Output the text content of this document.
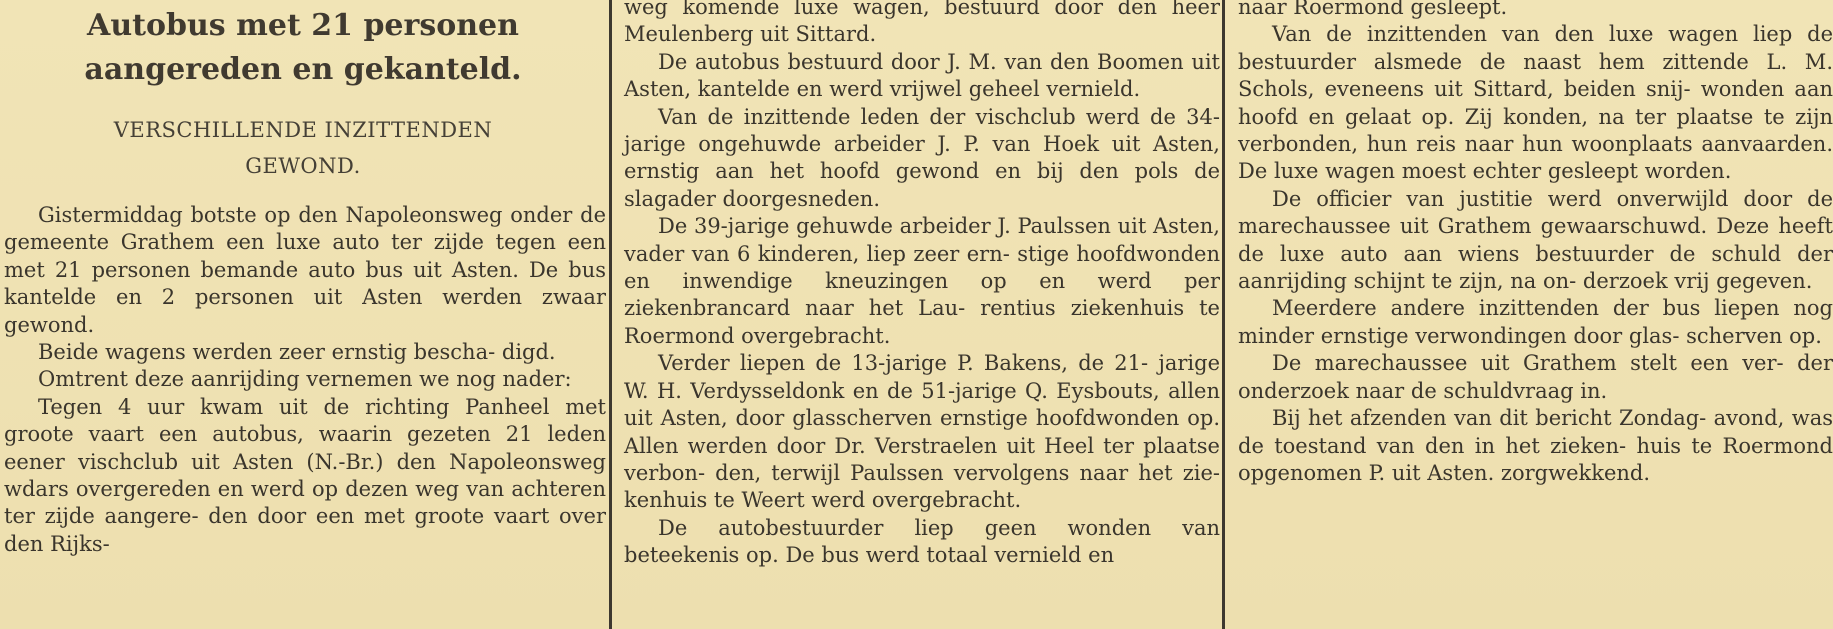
Autobus met 21 personen
aangereden en gekanteld.
VERSCHILLENDE INZITTENDEN
GEWOND.

Gistermiddag botste op den Napoleonsweg onder de gemeente Grathem een luxe auto ter zijde tegen een met 21 personen bemande auto bus uit Asten. De bus kantelde en 2 personen uit Asten werden zwaar gewond.

Beide wagens werden zeer ernstig bescha- digd.

Omtrent deze aanrijding vernemen we nog nader:

Tegen 4 uur kwam uit de richting Panheel met groote vaart een autobus, waarin gezeten 21 leden eener vischclub uit Asten (N.-Br.) den Napoleonsweg wdars overgereden en werd op dezen weg van achteren ter zijde aangere- den door een met groote vaart over den Rijks-

weg komende luxe wagen, bestuurd door den heer Meulenberg uit Sittard.

De autobus bestuurd door J. M. van den Boomen uit Asten, kantelde en werd vrijwel geheel vernield.

Van de inzittende leden der vischclub werd de 34-jarige ongehuwde arbeider J. P. van Hoek uit Asten, ernstig aan het hoofd gewond en bij den pols de slagader doorgesneden.

De 39-jarige gehuwde arbeider J. Paulssen uit Asten, vader van 6 kinderen, liep zeer ern- stige hoofdwonden en inwendige kneuzingen op en werd per ziekenbrancard naar het Lau- rentius ziekenhuis te Roermond overgebracht.

Verder liepen de 13-jarige P. Bakens, de 21- jarige W. H. Verdysseldonk en de 51-jarige Q. Eysbouts, allen uit Asten, door glasscherven ernstige hoofdwonden op. Allen werden door Dr. Verstraelen uit Heel ter plaatse verbon- den, terwijl Paulssen vervolgens naar het zie- kenhuis te Weert werd overgebracht.

De autobestuurder liep geen wonden van beteekenis op. De bus werd totaal vernield en

naar Roermond gesleept.

Van de inzittenden van den luxe wagen liep de bestuurder alsmede de naast hem zittende L. M. Schols, eveneens uit Sittard, beiden snij- wonden aan hoofd en gelaat op. Zij konden, na ter plaatse te zijn verbonden, hun reis naar hun woonplaats aanvaarden. De luxe wagen moest echter gesleept worden.

De officier van justitie werd onverwijld door de marechaussee uit Grathem gewaarschuwd. Deze heeft de luxe auto aan wiens bestuurder de schuld der aanrijding schijnt te zijn, na on- derzoek vrij gegeven.

Meerdere andere inzittenden der bus liepen nog minder ernstige verwondingen door glas- scherven op.

De marechaussee uit Grathem stelt een ver- der onderzoek naar de schuldvraag in.

Bij het afzenden van dit bericht Zondag- avond, was de toestand van den in het zieken- huis te Roermond opgenomen P. uit Asten. zorgwekkend.
